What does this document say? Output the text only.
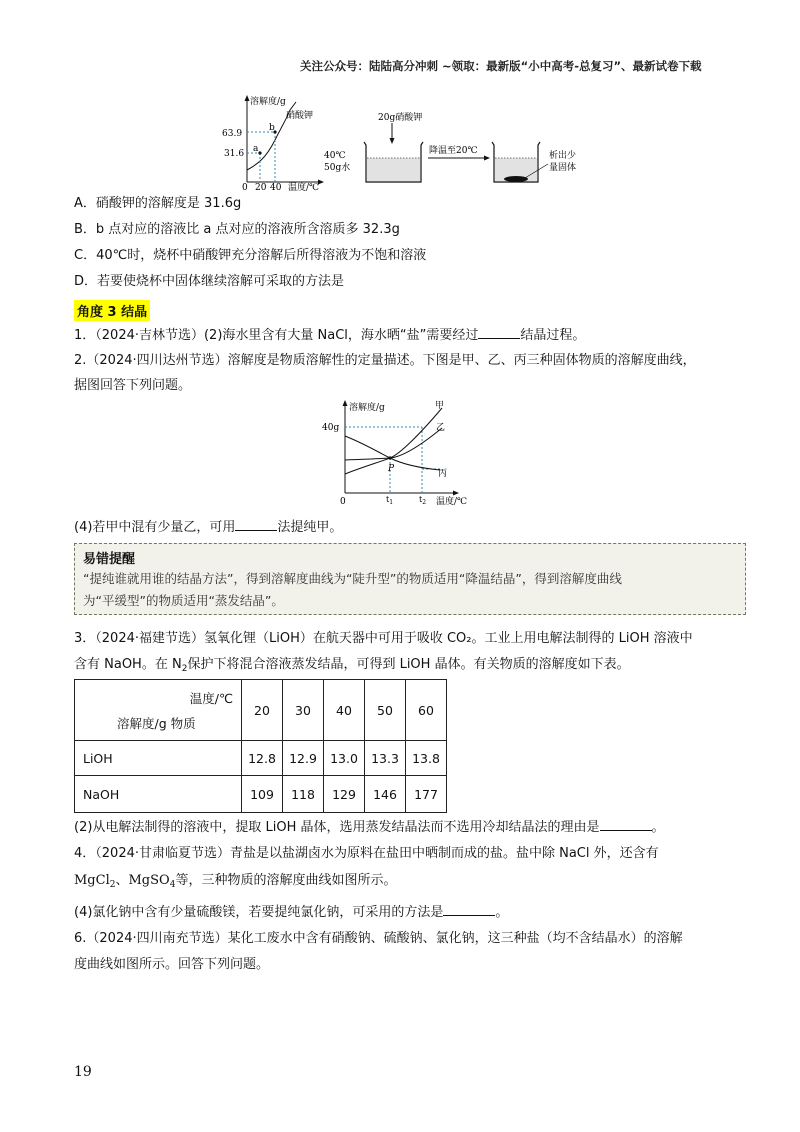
关注公众号：陆陆高分冲刺 ~领取：最新版“小中高考-总复习”、最新试卷下载
溶解度/g
温度/℃
硝酸钾
a
b
63.9
31.6
0 20 40
20g硝酸钾
40℃
50g水
降温至20℃	析出少
量固体
A．硝酸钾的溶解度是 31.6g
B．b 点对应的溶液比 a 点对应的溶液所含溶质多 32.3g
C．40℃时，烧杯中硝酸钾充分溶解后所得溶液为不饱和溶液
D．若要使烧杯中固体继续溶解可采取的方法是
角度 3 结晶
1．（2024·吉林节选）(2)海水里含有大量 NaCl，海水晒“盐”需要经过	结晶过程。
2.（2024·四川达州节选）溶解度是物质溶解性的定量描述。下图是甲、乙、丙三种固体物质的溶解度曲线，
据图回答下列问题。
溶解度/g
温度/℃
40g
0	$t_1$	$t_2$
P
甲
乙
丙
(4)若甲中混有少量乙，可用	法提纯甲。
易错提醒
“提纯谁就用谁的结晶方法”，得到溶解度曲线为“陡升型”的物质适用“降温结晶”，得到溶解度曲线
为“平缓型”的物质适用“蒸发结晶”。
3．（2024·福建节选）氢氧化锂（LiOH）在航天器中可用于吸收 CO₂。工业上用电解法制得的 LiOH 溶液中
含有 NaOH。在 $N_2$保护下将混合溶液蒸发结晶，可得到 LiOH 晶体。有关物质的溶解度如下表。
温度/℃
溶解度/g 物质	20	30	40	50	60
LiOH	12.8	12.9	13.0	13.3	13.8
NaOH	109	118	129	146	177
(2)从电解法制得的溶液中，提取 LiOH 晶体，选用蒸发结晶法而不选用冷却结晶法的理由是	。
4．（2024·甘肃临夏节选）青盐是以盐湖卤水为原料在盐田中晒制而成的盐。盐中除 NaCl 外，还含有
MgCl$_2$、MgSO$_4$等，三种物质的溶解度曲线如图所示。
(4)氯化钠中含有少量硫酸镁，若要提纯氯化钠，可采用的方法是	。
6.（2024·四川南充节选）某化工废水中含有硝酸钠、硫酸钠、氯化钠，这三种盐（均不含结晶水）的溶解
度曲线如图所示。回答下列问题。
19
